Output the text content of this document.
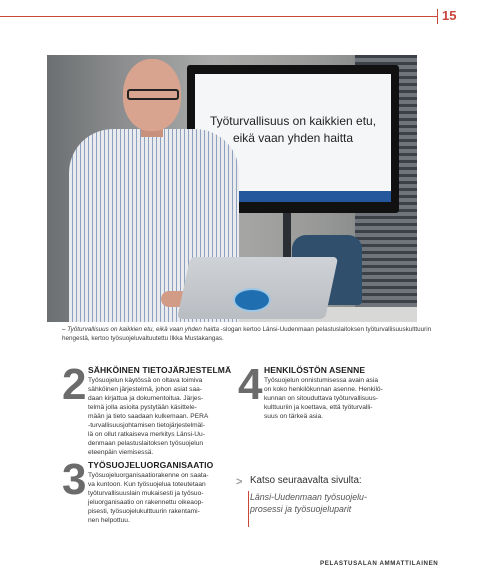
15
Työturvallisuus on kaikkien etu,
eikä vaan yhden haitta
– Työturvallisuus on kaikkien etu, eikä vaan yhden haitta -slogan kertoo Länsi-Uudenmaan pelastuslaitoksen työturvallisuuskulttuurin hengestä, kertoo työsuojeluvaltuutettu Ilkka Mustakangas.
2 SÄHKÖINEN TIETOJÄRJESTELMÄ
Työsuojelun käytössä on oltava toimiva
sähköinen järjestelmä, johon asiat saa-
daan kirjattua ja dokumentoitua. Järjes-
telmä jolla asioita pystytään käsittele-
mään ja tieto saadaan kulkemaan. PERA
-turvallisuusjohtamisen tietojärjestelmäl-
lä on ollut ratkaiseva merkitys Länsi-Uu-
denmaan pelastuslaitoksen työsuojelun
eteenpäin viemisessä.
3 TYÖSUOJELUORGANISAATIO
Työsuojeluorganisaatiorakenne on saata-
va kuntoon. Kun työsuojelua toteutetaan
työturvallisuuslain mukaisesti ja työsuo-
jeluorganisaatio on rakennettu oikeaop-
pisesti, työsuojelukulttuurin rakentami-
nen helpottuu.
4 HENKILÖSTÖN ASENNE
Työsuojelun onnistumisessa avain asia
on koko henkilökunnan asenne. Henkilö-
kunnan on sitouduttava työturvallisuus-
kulttuuriin ja koettava, että työturvalli-
suus on tärkeä asia.
> Katso seuraavalta sivulta:
Länsi-Uudenmaan työsuojelu-
prosessi ja työsuojeluparit
PELASTUSALAN AMMATTILAINEN
